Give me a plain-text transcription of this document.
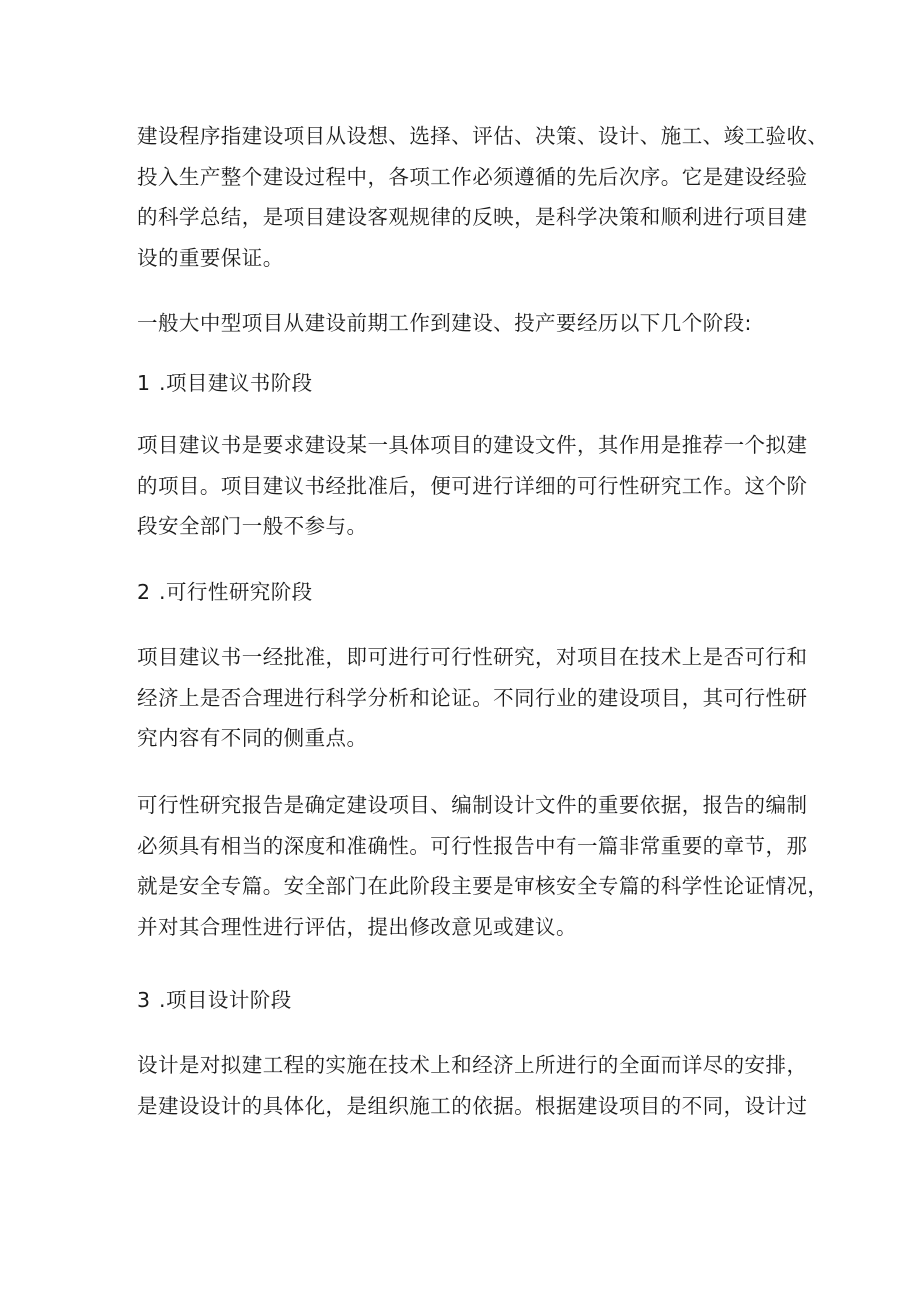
建设程序指建设项目从设想、选择、评估、决策、设计、施工、竣工验收、
投入生产整个建设过程中，各项工作必须遵循的先后次序。它是建设经验
的科学总结，是项目建设客观规律的反映，是科学决策和顺利进行项目建
设的重要保证。
一般大中型项目从建设前期工作到建设、投产要经历以下几个阶段:
1 .项目建议书阶段
项目建议书是要求建设某一具体项目的建设文件，其作用是推荐一个拟建
的项目。项目建议书经批准后，便可进行详细的可行性研究工作。这个阶
段安全部门一般不参与。
2 .可行性研究阶段
项目建议书一经批准，即可进行可行性研究，对项目在技术上是否可行和
经济上是否合理进行科学分析和论证。不同行业的建设项目，其可行性研
究内容有不同的侧重点。
可行性研究报告是确定建设项目、编制设计文件的重要依据，报告的编制
必须具有相当的深度和准确性。可行性报告中有一篇非常重要的章节，那
就是安全专篇。安全部门在此阶段主要是审核安全专篇的科学性论证情况，
并对其合理性进行评估，提出修改意见或建议。
3 .项目设计阶段
设计是对拟建工程的实施在技术上和经济上所进行的全面而详尽的安排，
是建设设计的具体化，是组织施工的依据。根据建设项目的不同，设计过
